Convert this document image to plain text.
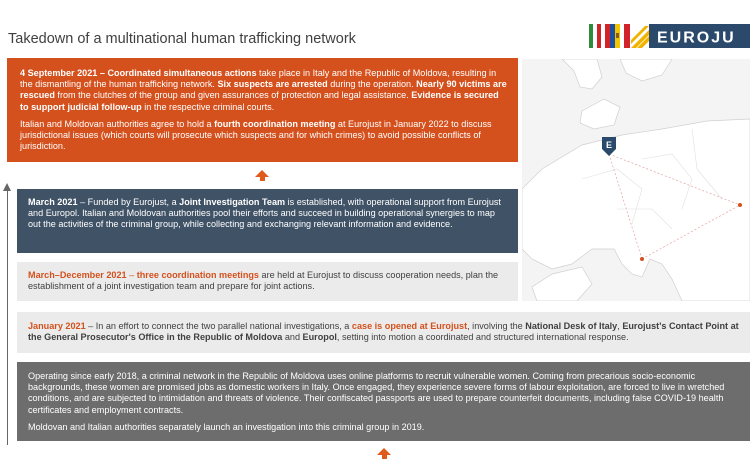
Takedown of a multinational human trafficking network	EUROJU

4 September 2021 – Coordinated simultaneous actions take place in Italy and the Republic of Moldova, resulting in the dismantling of the human trafficking network. Six suspects are arrested during the operation. Nearly 90 victims are rescued from the clutches of the group and given assurances of protection and legal assistance. Evidence is secured to support judicial follow-up in the respective criminal courts.

Italian and Moldovan authorities agree to hold a fourth coordination meeting at Eurojust in January 2022 to discuss jurisdictional issues (which courts will prosecute which suspects and for which crimes) to avoid possible conflicts of jurisdiction.

March 2021 – Funded by Eurojust, a Joint Investigation Team is established, with operational support from Eurojust and Europol. Italian and Moldovan authorities pool their efforts and succeed in building operational synergies to map out the activities of the criminal group, while collecting and exchanging relevant information and evidence.

March–December 2021 – three coordination meetings are held at Eurojust to discuss cooperation needs, plan the establishment of a joint investigation team and prepare for joint actions.

January 2021 – In an effort to connect the two parallel national investigations, a case is opened at Eurojust, involving the National Desk of Italy, Eurojust's Contact Point at the General Prosecutor's Office in the Republic of Moldova and Europol, setting into motion a coordinated and structured international response.

Operating since early 2018, a criminal network in the Republic of Moldova uses online platforms to recruit vulnerable women. Coming from precarious socio-economic backgrounds, these women are promised jobs as domestic workers in Italy. Once engaged, they experience severe forms of labour exploitation, are forced to live in wretched conditions, and are subjected to intimidation and threats of violence. Their confiscated passports are used to prepare counterfeit documents, including false COVID-19 health certificates and employment contracts.

Moldovan and Italian authorities separately launch an investigation into this criminal group in 2019.

E
